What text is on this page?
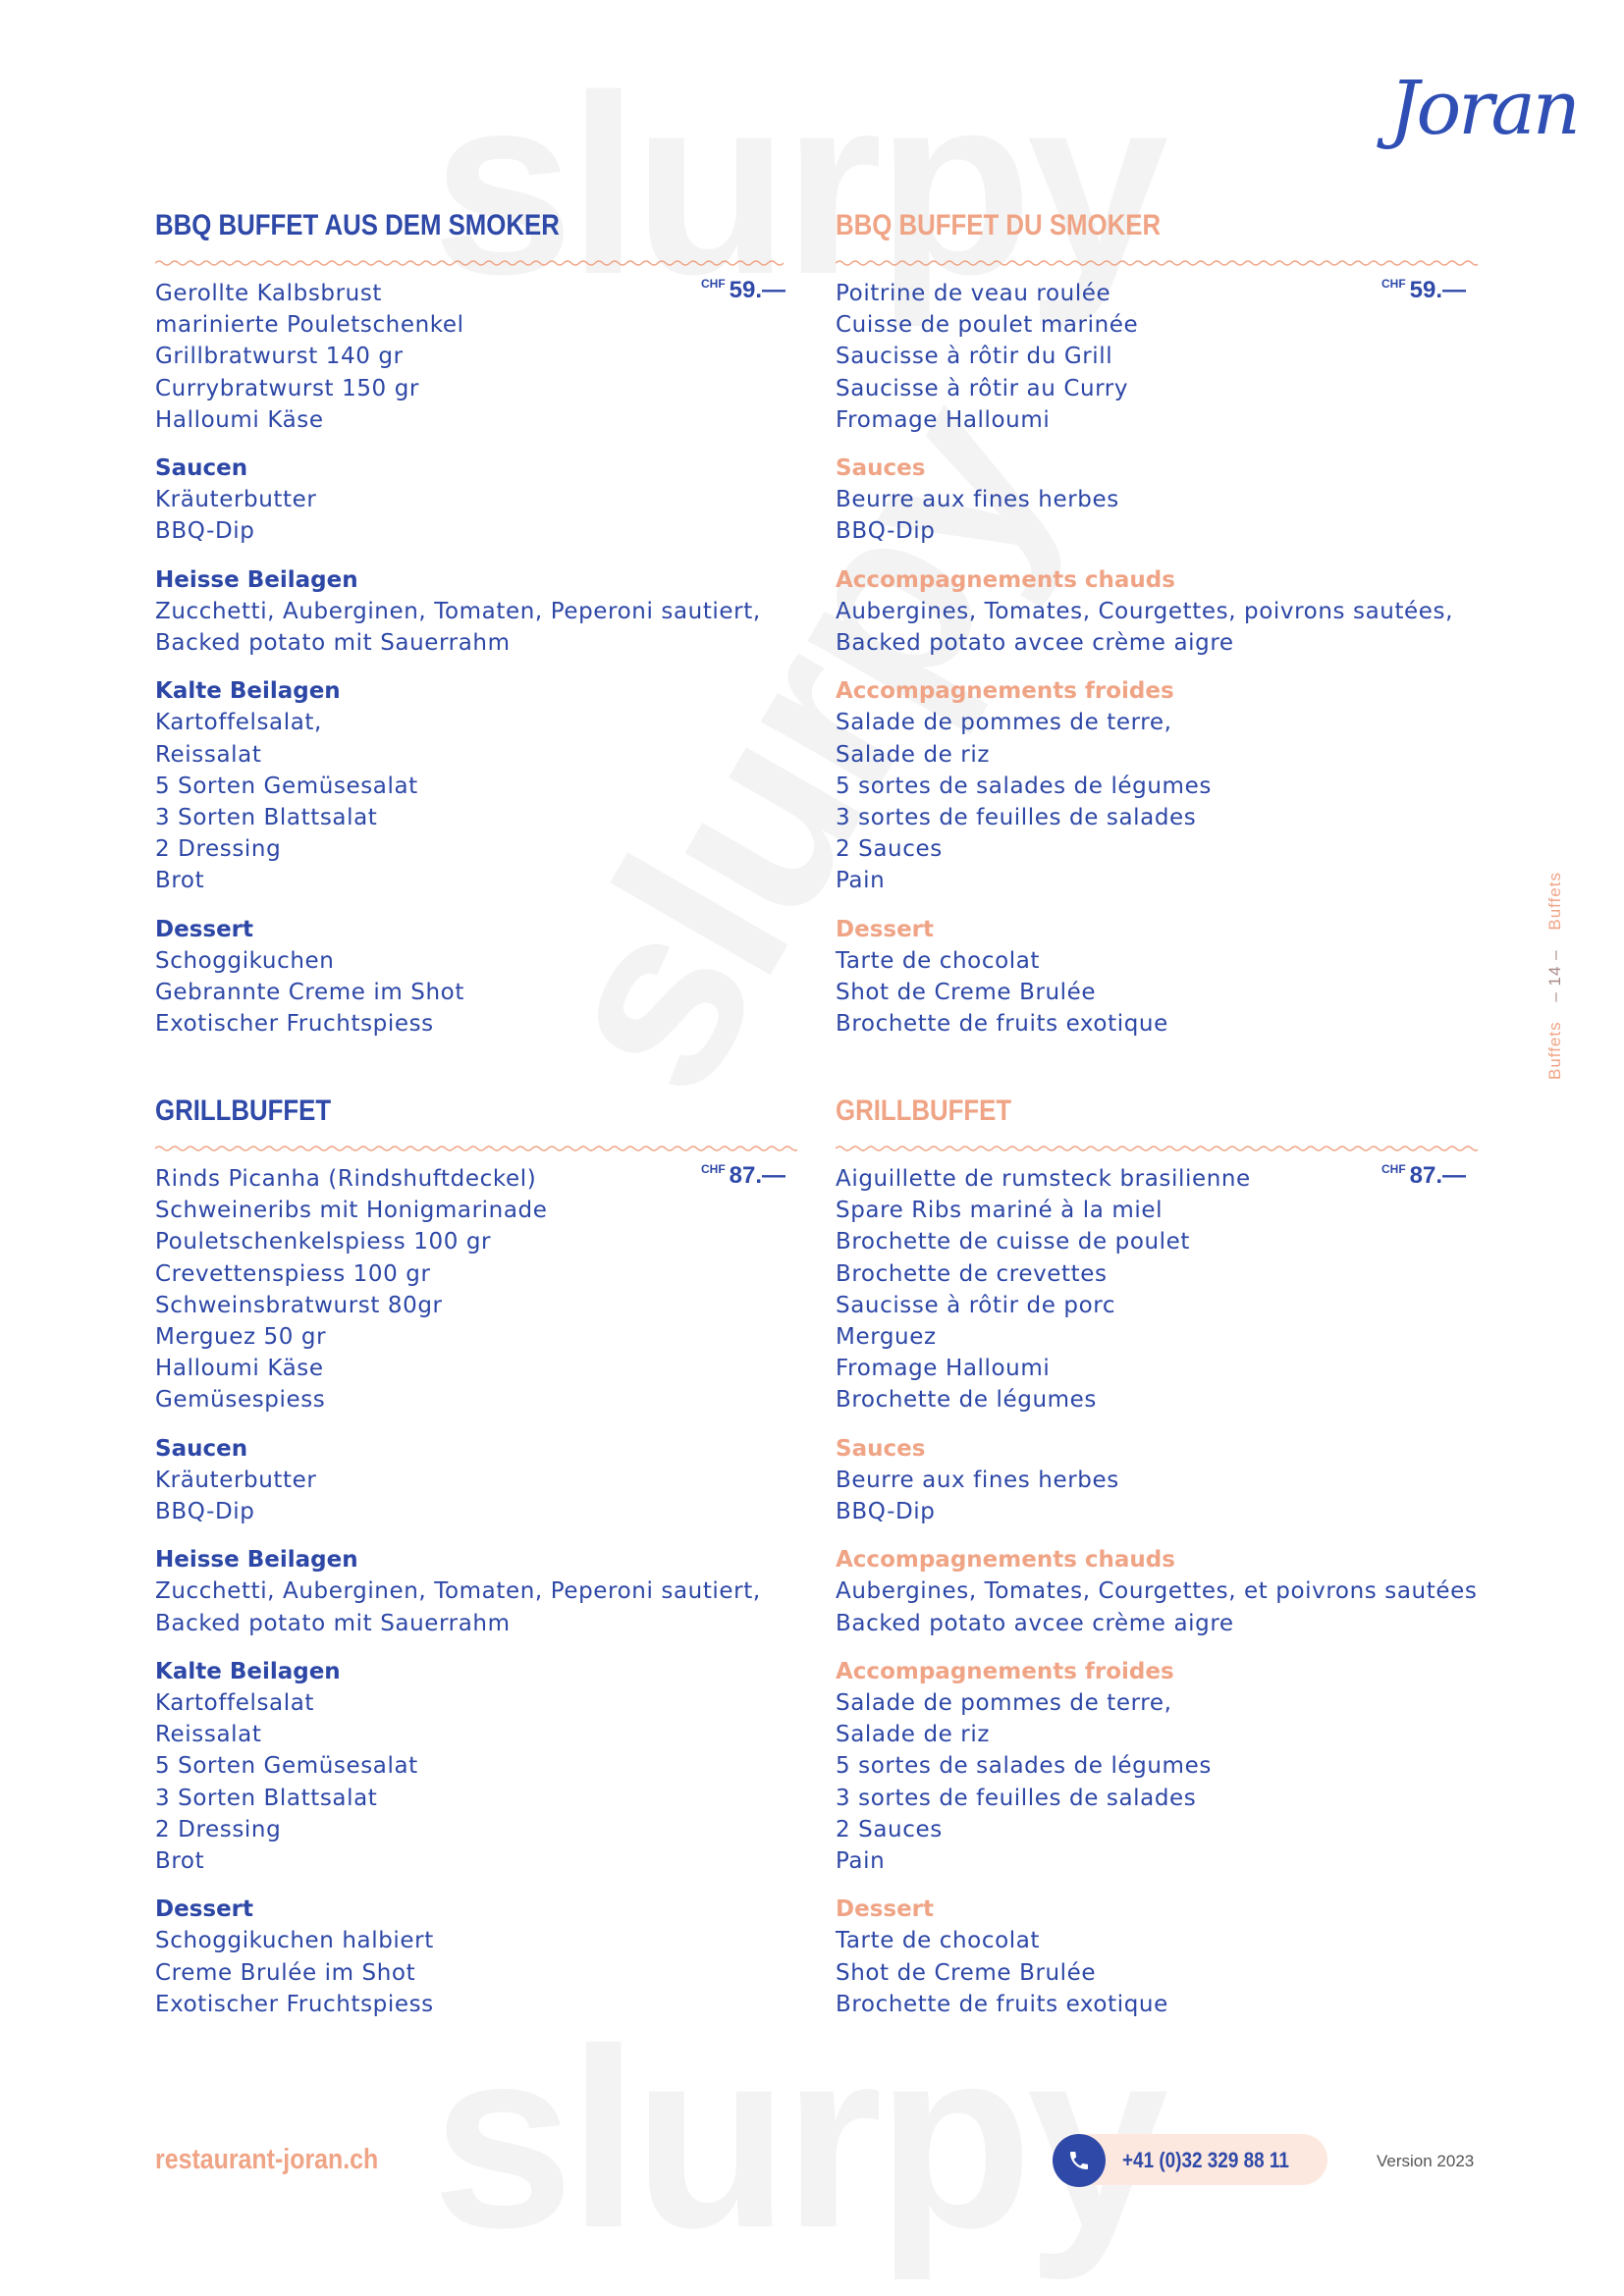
Joran
BBQ BUFFET AUS DEM SMOKER	BBQ BUFFET DU SMOKER
GRILLBUFFET	GRILLBUFFET
$^{CHF}$ 59.—	$^{CHF}$ 59.—
$^{CHF}$ 87.—	$^{CHF}$ 87.—
Gerollte Kalbsbrust
marinierte Pouletschenkel
Grillbratwurst 140 gr
Currybratwurst 150 gr
Halloumi Käse
Saucen
Kräuterbutter
BBQ-Dip
Heisse Beilagen
Zucchetti, Auberginen, Tomaten, Peperoni sautiert,
Backed potato mit Sauerrahm
Kalte Beilagen
Kartoffelsalat,
Reissalat
5 Sorten Gemüsesalat
3 Sorten Blattsalat
2 Dressing
Brot
Dessert
Schoggikuchen
Gebrannte Creme im Shot
Exotischer Fruchtspiess
Poitrine de veau roulée
Cuisse de poulet marinée
Saucisse à rôtir du Grill
Saucisse à rôtir au Curry
Fromage Halloumi
Sauces
Beurre aux fines herbes
BBQ-Dip
Accompagnements chauds
Aubergines, Tomates, Courgettes, poivrons sautées,
Backed potato avcee crème aigre
Accompagnements froides
Salade de pommes de terre,
Salade de riz
5 sortes de salades de légumes
3 sortes de feuilles de salades
2 Sauces
Pain
Dessert
Tarte de chocolat
Shot de Creme Brulée
Brochette de fruits exotique
Rinds Picanha (Rindshuftdeckel)
Schweineribs mit Honigmarinade
Pouletschenkelspiess 100 gr
Crevettenspiess 100 gr
Schweinsbratwurst 80gr
Merguez 50 gr
Halloumi Käse
Gemüsespiess
Saucen
Kräuterbutter
BBQ-Dip
Heisse Beilagen
Zucchetti, Auberginen, Tomaten, Peperoni sautiert,
Backed potato mit Sauerrahm
Kalte Beilagen
Kartoffelsalat
Reissalat
5 Sorten Gemüsesalat
3 Sorten Blattsalat
2 Dressing
Brot
Dessert
Schoggikuchen halbiert
Creme Brulée im Shot
Exotischer Fruchtspiess
Aiguillette de rumsteck brasilienne
Spare Ribs mariné à la miel
Brochette de cuisse de poulet
Brochette de crevettes
Saucisse à rôtir de porc
Merguez
Fromage Halloumi
Brochette de légumes
Sauces
Beurre aux fines herbes
BBQ-Dip
Accompagnements chauds
Aubergines, Tomates, Courgettes, et poivrons sautées
Backed potato avcee crème aigre
Accompagnements froides
Salade de pommes de terre,
Salade de riz
5 sortes de salades de légumes
3 sortes de feuilles de salades
2 Sauces
Pain
Dessert
Tarte de chocolat
Shot de Creme Brulée
Brochette de fruits exotique
Buffets – 14 – Buffets
restaurant-joran.ch	+41 (0)32 329 88 11	Version 2023
